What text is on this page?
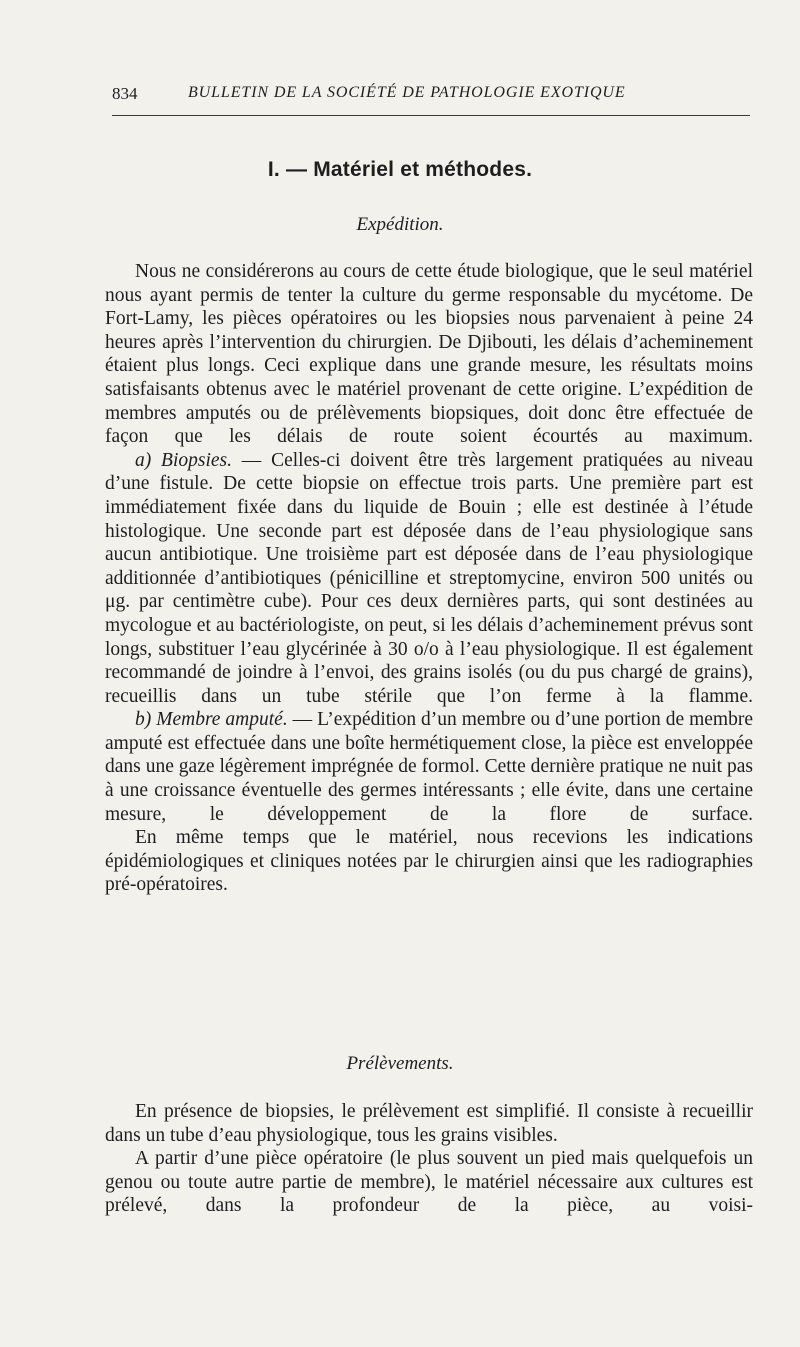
834	BULLETIN DE LA SOCIÉTÉ DE PATHOLOGIE EXOTIQUE
I. — Matériel et méthodes.
Expédition.

Nous ne considérerons au cours de cette étude biologique, que le seul matériel nous ayant permis de tenter la culture du germe responsable du mycétome. De Fort-Lamy, les pièces opératoires ou les biopsies nous parvenaient à peine 24 heures après l’intervention du chirurgien. De Djibouti, les délais d’acheminement étaient plus longs. Ceci explique dans une grande mesure, les résultats moins satisfaisants obtenus avec le matériel provenant de cette origine. L’expédition de membres amputés ou de prélèvements biopsiques, doit donc être effectuée de façon que les délais de route soient écourtés au maximum.

a) Biopsies. — Celles-ci doivent être très largement pratiquées au niveau d’une fistule. De cette biopsie on effectue trois parts. Une première part est immédiatement fixée dans du liquide de Bouin ; elle est destinée à l’étude histologique. Une seconde part est déposée dans de l’eau physiologique sans aucun antibiotique. Une troisième part est déposée dans de l’eau physiologique additionnée d’antibiotiques (pénicilline et streptomycine, environ 500 unités ou μg. par centimètre cube). Pour ces deux dernières parts, qui sont destinées au mycologue et au bactériologiste, on peut, si les délais d’acheminement prévus sont longs, substituer l’eau glycérinée à 30 o/o à l’eau physiologique. Il est également recommandé de joindre à l’envoi, des grains isolés (ou du pus chargé de grains), recueillis dans un tube stérile que l’on ferme à la flamme.

b) Membre amputé. — L’expédition d’un membre ou d’une portion de membre amputé est effectuée dans une boîte hermétiquement close, la pièce est enveloppée dans une gaze légèrement imprégnée de formol. Cette dernière pratique ne nuit pas à une croissance éventuelle des germes intéressants ; elle évite, dans une certaine mesure, le développement de la flore de surface.

En même temps que le matériel, nous recevions les indications épidémiologiques et cliniques notées par le chirurgien ainsi que les radiographies pré-opératoires.

Prélèvements.

En présence de biopsies, le prélèvement est simplifié. Il consiste à recueillir dans un tube d’eau physiologique, tous les grains visibles.

A partir d’une pièce opératoire (le plus souvent un pied mais quelquefois un genou ou toute autre partie de membre), le matériel nécessaire aux cultures est prélevé, dans la profondeur de la pièce, au voisi-
